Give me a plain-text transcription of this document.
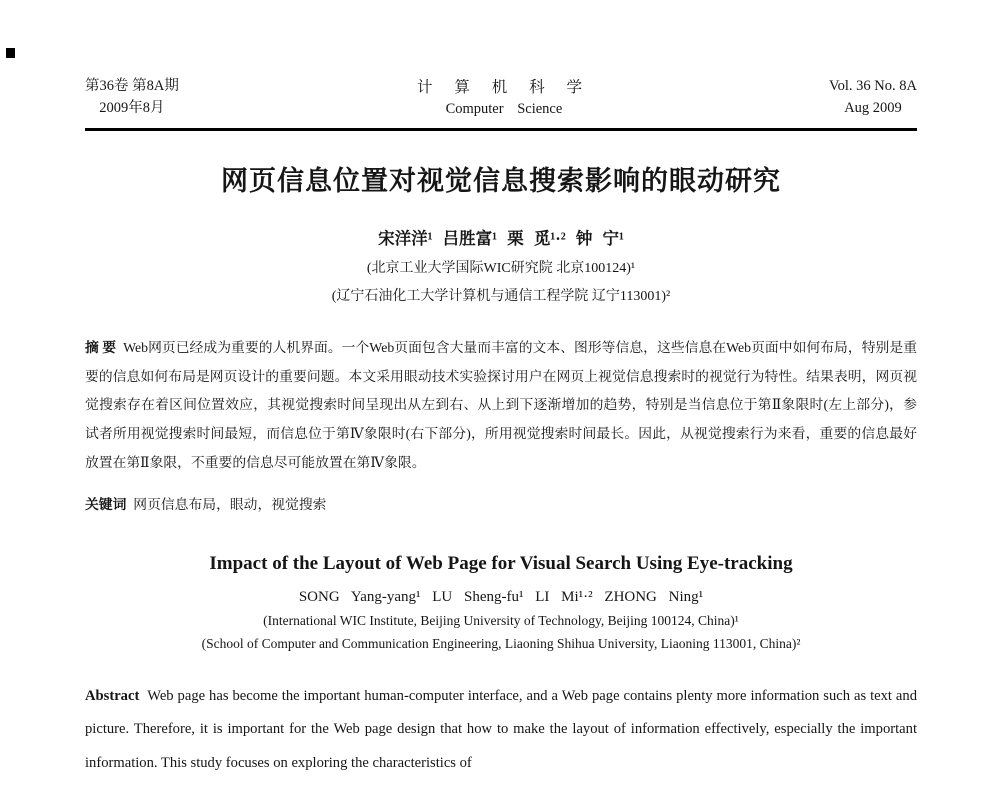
第36卷 第8A期
2009年8月
计 算 机 科 学
Computer Science
Vol. 36 No. 8A
Aug 2009
网页信息位置对视觉信息搜索影响的眼动研究
宋洋洋¹ 吕胜富¹ 栗 觅¹·² 钟 宁¹
(北京工业大学国际WIC研究院 北京100124)¹
(辽宁石油化工大学计算机与通信工程学院 辽宁113001)²

摘 要 Web网页已经成为重要的人机界面。一个Web页面包含大量而丰富的文本、图形等信息，这些信息在Web页面中如何布局，特别是重要的信息如何布局是网页设计的重要问题。本文采用眼动技术实验探讨用户在网页上视觉信息搜索时的视觉行为特性。结果表明，网页视觉搜索存在着区间位置效应，其视觉搜索时间呈现出从左到右、从上到下逐渐增加的趋势，特别是当信息位于第Ⅱ象限时(左上部分)，参试者所用视觉搜索时间最短，而信息位于第Ⅳ象限时(右下部分)，所用视觉搜索时间最长。因此，从视觉搜索行为来看，重要的信息最好放置在第Ⅱ象限，不重要的信息尽可能放置在第Ⅳ象限。

关键词 网页信息布局，眼动，视觉搜索

Impact of the Layout of Web Page for Visual Search Using Eye-tracking
SONG Yang-yang¹ LU Sheng-fu¹ LI Mi¹·² ZHONG Ning¹
(International WIC Institute, Beijing University of Technology, Beijing 100124, China)¹
(School of Computer and Communication Engineering, Liaoning Shihua University, Liaoning 113001, China)²

Abstract Web page has become the important human-computer interface, and a Web page contains plenty more information such as text and picture. Therefore, it is important for the Web page design that how to make the layout of information effectively, especially the important information. This study focuses on exploring the characteristics of
